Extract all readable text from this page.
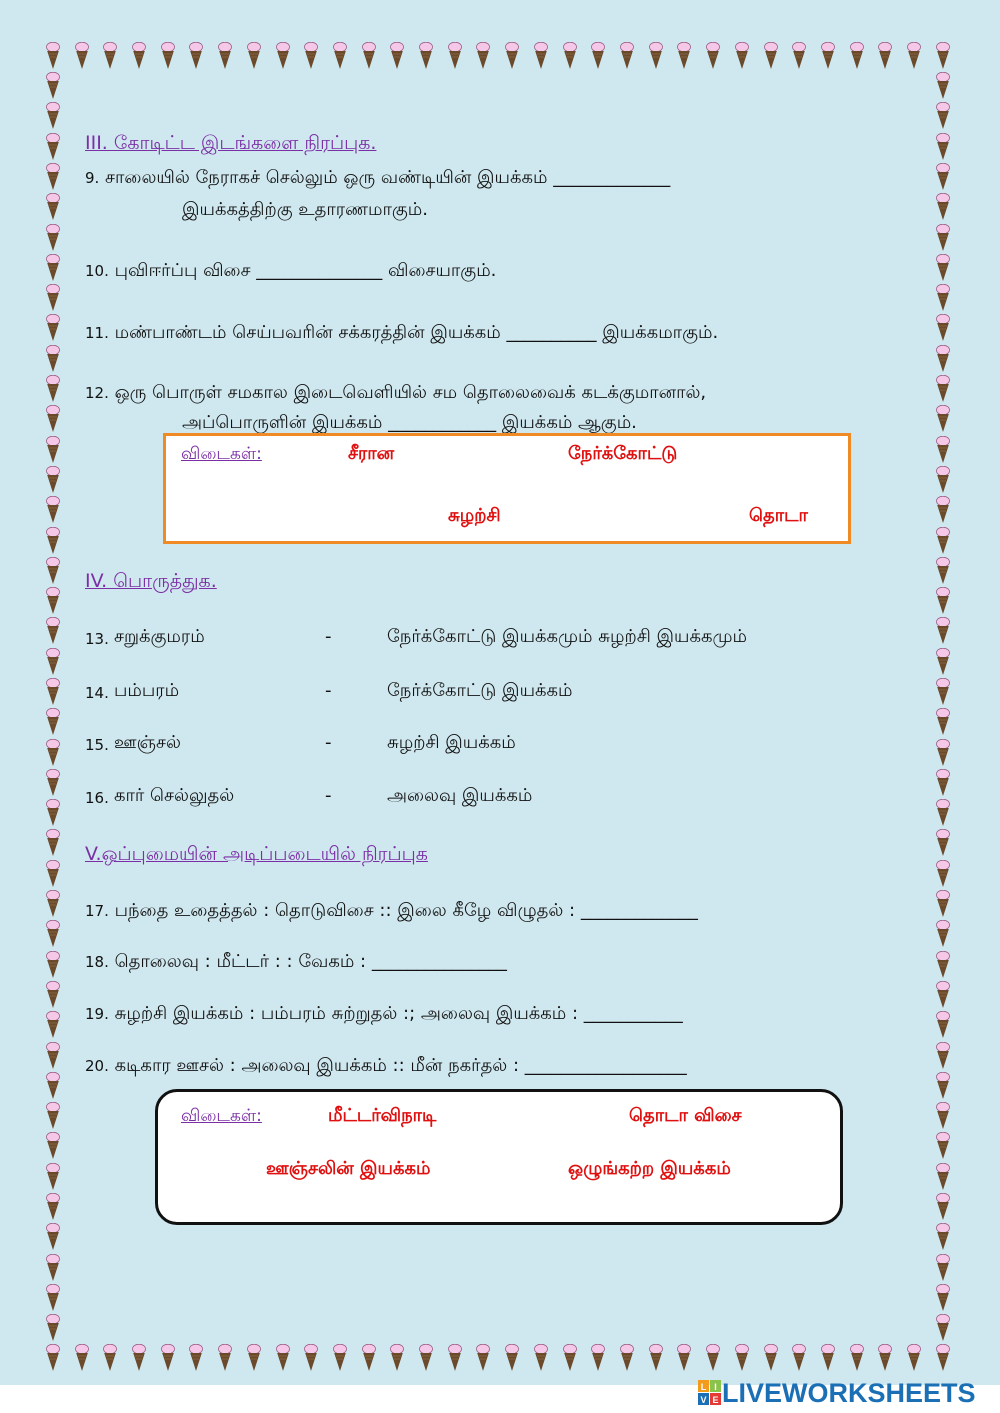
III. கோடிட்ட இடங்களை நிரப்புக.
9. சாலையில் நேராகச் செல்லும் ஒரு வண்டியின் இயக்கம் _____________
இயக்கத்திற்கு உதாரணமாகும்.
10. புவிஈர்ப்பு விசை ______________ விசையாகும்.
11. மண்பாண்டம் செய்பவரின் சக்கரத்தின் இயக்கம் __________ இயக்கமாகும்.
12. ஒரு பொருள் சமகால இடைவெளியில் சம தொலைவைக் கடக்குமானால்,
அப்பொருளின் இயக்கம் ____________ இயக்கம் ஆகும்.
விடைகள்:	சீரான	நேர்க்கோட்டு
சுழற்சி	தொடா
IV. பொருத்துக.
13. சறுக்குமரம்	-	நேர்க்கோட்டு இயக்கமும் சுழற்சி இயக்கமும்
14. பம்பரம்	-	நேர்க்கோட்டு இயக்கம்
15. ஊஞ்சல்	-	சுழற்சி இயக்கம்
16. கார் செல்லுதல்	-	அலைவு இயக்கம்
V.ஒப்புமையின் அடிப்படையில் நிரப்புக
17. பந்தை உதைத்தல் : தொடுவிசை :: இலை கீழே விழுதல் : _____________
18. தொலைவு : மீட்டர் : : வேகம் : _______________
19. சுழற்சி இயக்கம் : பம்பரம் சுற்றுதல் :; அலைவு இயக்கம் : ___________
20. கடிகார ஊசல் : அலைவு இயக்கம் :: மீன் நகர்தல் : __________________
விடைகள்:	மீட்டர்விநாடி	தொடா விசை
ஊஞ்சலின் இயக்கம்	ஒழுங்கற்ற இயக்கம்
L I
V E LIVEWORKSHEETS
